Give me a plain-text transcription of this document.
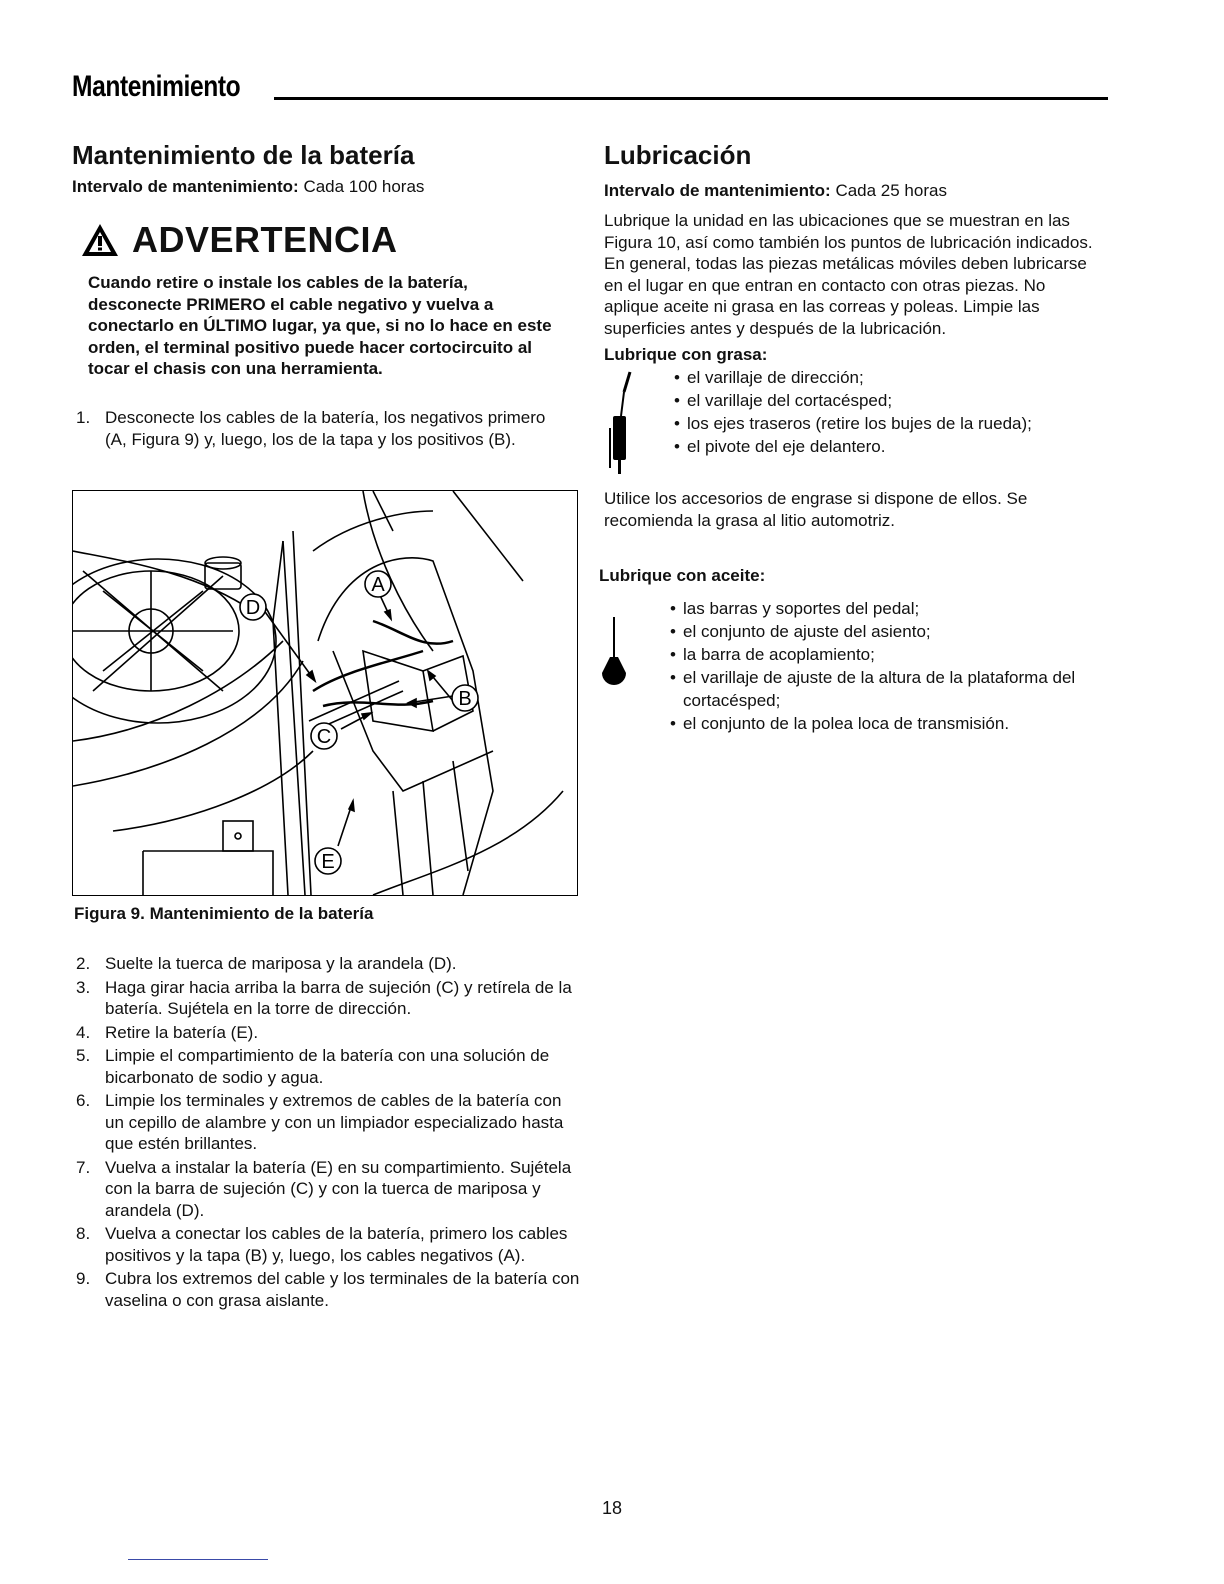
Mantenimiento
Mantenimiento de la batería

Intervalo de mantenimiento: Cada 100 horas

ADVERTENCIA
Cuando retire o instale los cables de la batería, desconecte PRIMERO el cable negativo y vuelva a conectarlo en ÚLTIMO lugar, ya que, si no lo hace en este orden, el terminal positivo puede hacer cortocircuito al tocar el chasis con una herramienta.
1. Desconecte los cables de la batería, los negativos primero (A, Figura 9) y, luego, los de la tapa y los positivos (B).
D
A
B
C
E
Figura 9. Mantenimiento de la batería
2. Suelte la tuerca de mariposa y la arandela (D).
3. Haga girar hacia arriba la barra de sujeción (C) y retírela de la batería. Sujétela en la torre de dirección.
4. Retire la batería (E).
5. Limpie el compartimiento de la batería con una solución de bicarbonato de sodio y agua.
6. Limpie los terminales y extremos de cables de la batería con un cepillo de alambre y con un limpiador especializado hasta que estén brillantes.
7. Vuelva a instalar la batería (E) en su compartimiento. Sujétela con la barra de sujeción (C) y con la tuerca de mariposa y arandela (D).
8. Vuelva a conectar los cables de la batería, primero los cables positivos y la tapa (B) y, luego, los cables negativos (A).
9. Cubra los extremos del cable y los terminales de la batería con vaselina o con grasa aislante.
Lubricación

Intervalo de mantenimiento: Cada 25 horas

Lubrique la unidad en las ubicaciones que se muestran en las Figura 10, así como también los puntos de lubricación indicados. En general, todas las piezas metálicas móviles deben lubricarse en el lugar en que entran en contacto con otras piezas. No aplique aceite ni grasa en las correas y poleas. Limpie las superficies antes y después de la lubricación.

Lubrique con grasa:

• el varillaje de dirección;
• el varillaje del cortacésped;
• los ejes traseros (retire los bujes de la rueda);
• el pivote del eje delantero.

Utilice los accesorios de engrase si dispone de ellos. Se recomienda la grasa al litio automotriz.

Lubrique con aceite:

• las barras y soportes del pedal;
• el conjunto de ajuste del asiento;
• la barra de acoplamiento;
• el varillaje de ajuste de la altura de la plataforma del cortacésped;
• el conjunto de la polea loca de transmisión.
18
